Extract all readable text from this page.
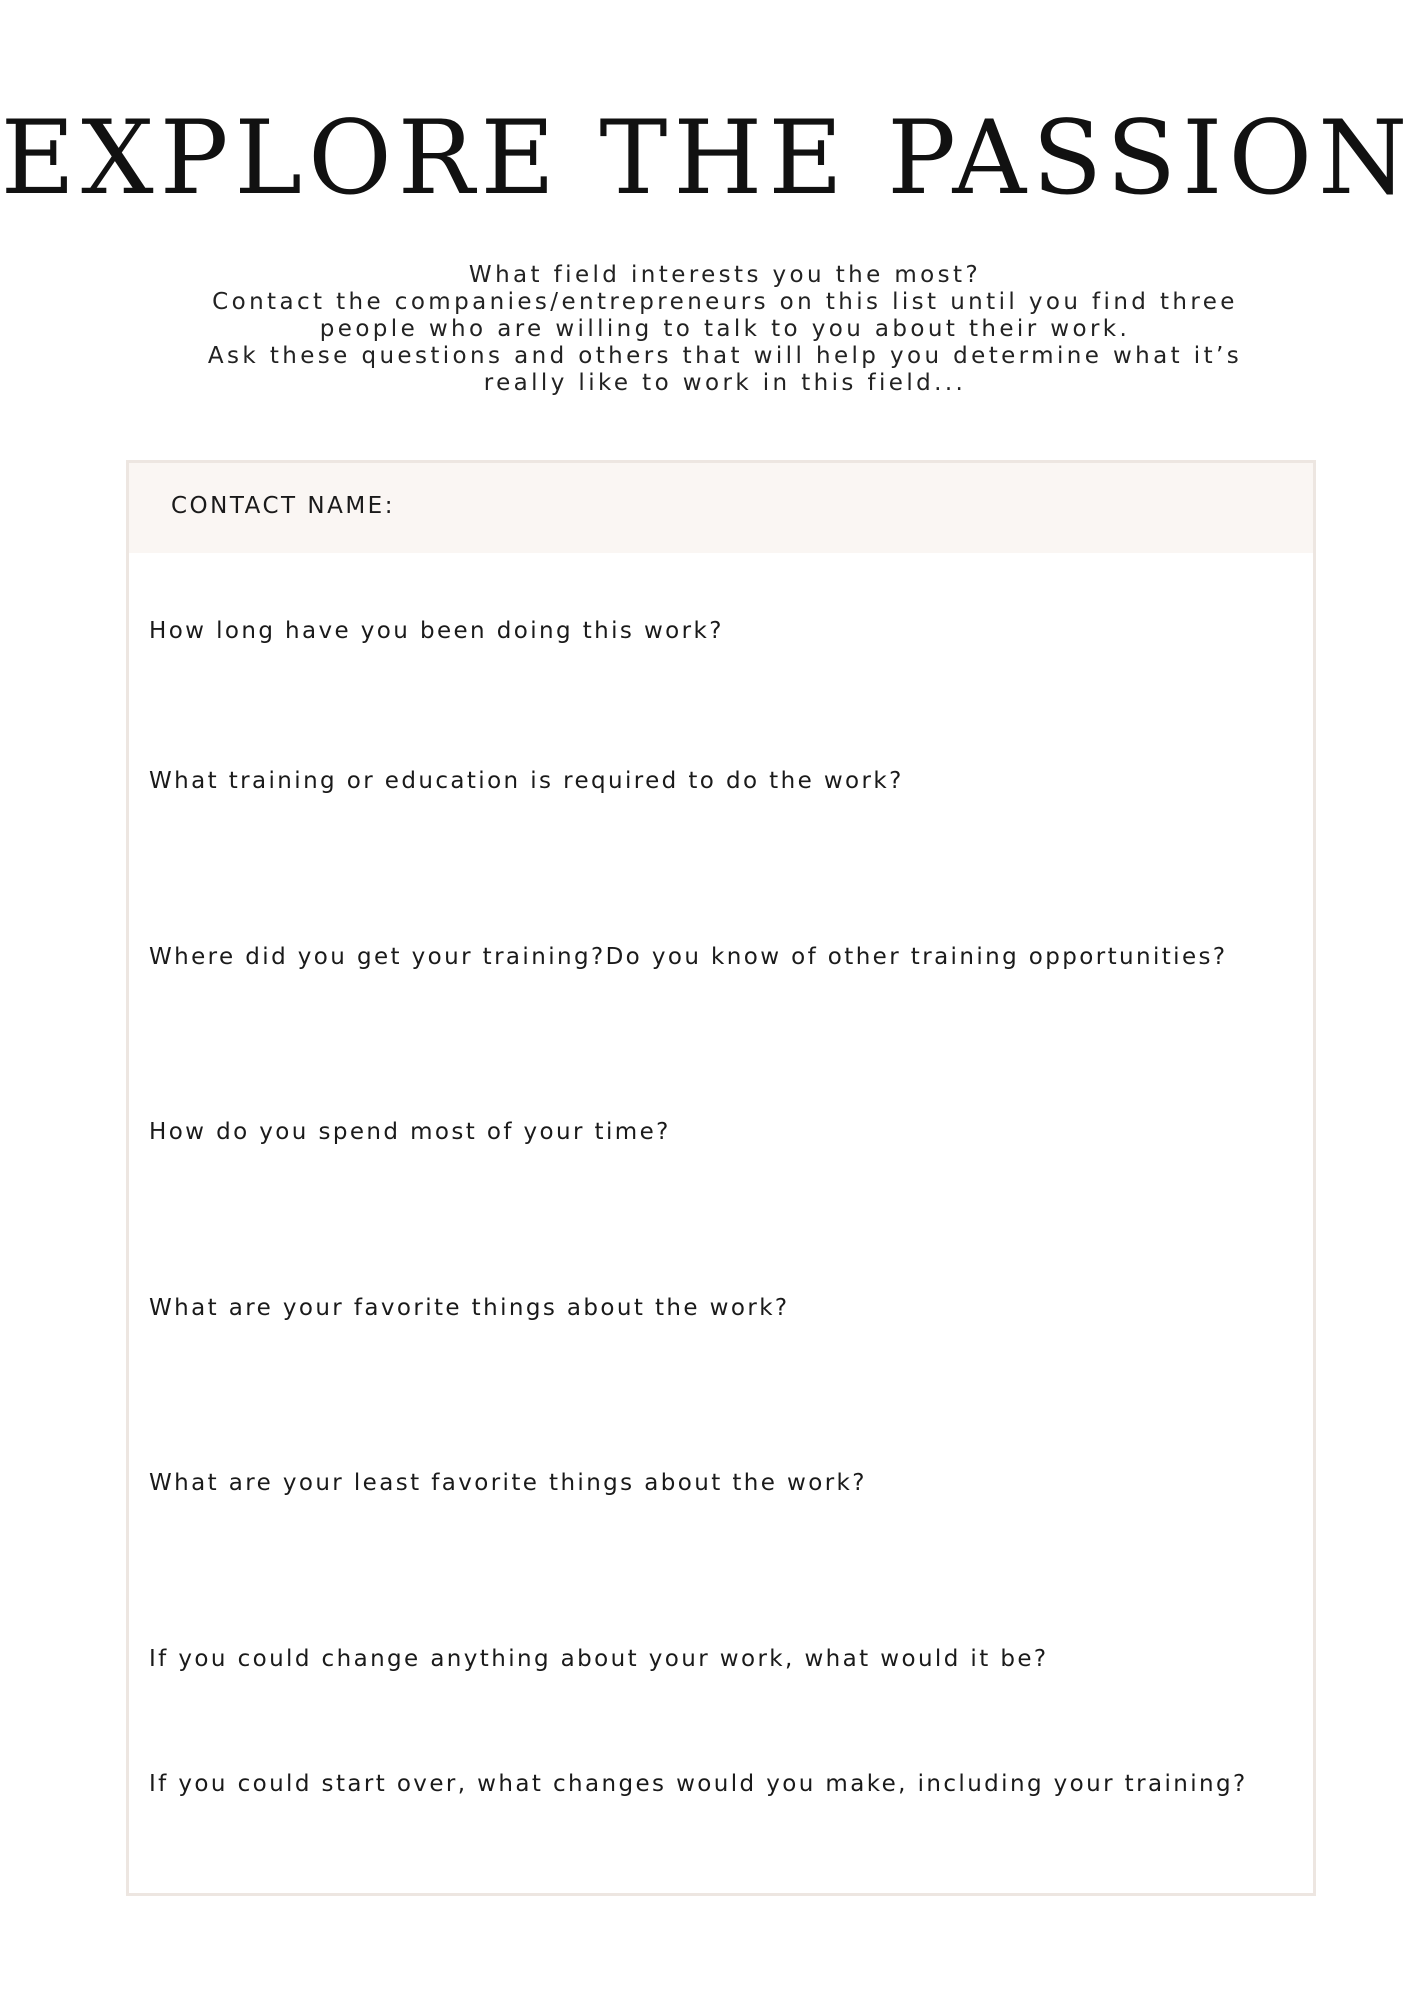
EXPLORE THE PASSION
What field interests you the most?
Contact the companies/entrepreneurs on this list until you find three
people who are willing to talk to you about their work.
Ask these questions and others that will help you determine what it’s
really like to work in this field...
CONTACT NAME:
How long have you been doing this work?
What training or education is required to do the work?
Where did you get your training?Do you know of other training opportunities?
How do you spend most of your time?
What are your favorite things about the work?
What are your least favorite things about the work?
If you could change anything about your work, what would it be?
If you could start over, what changes would you make, including your training?
